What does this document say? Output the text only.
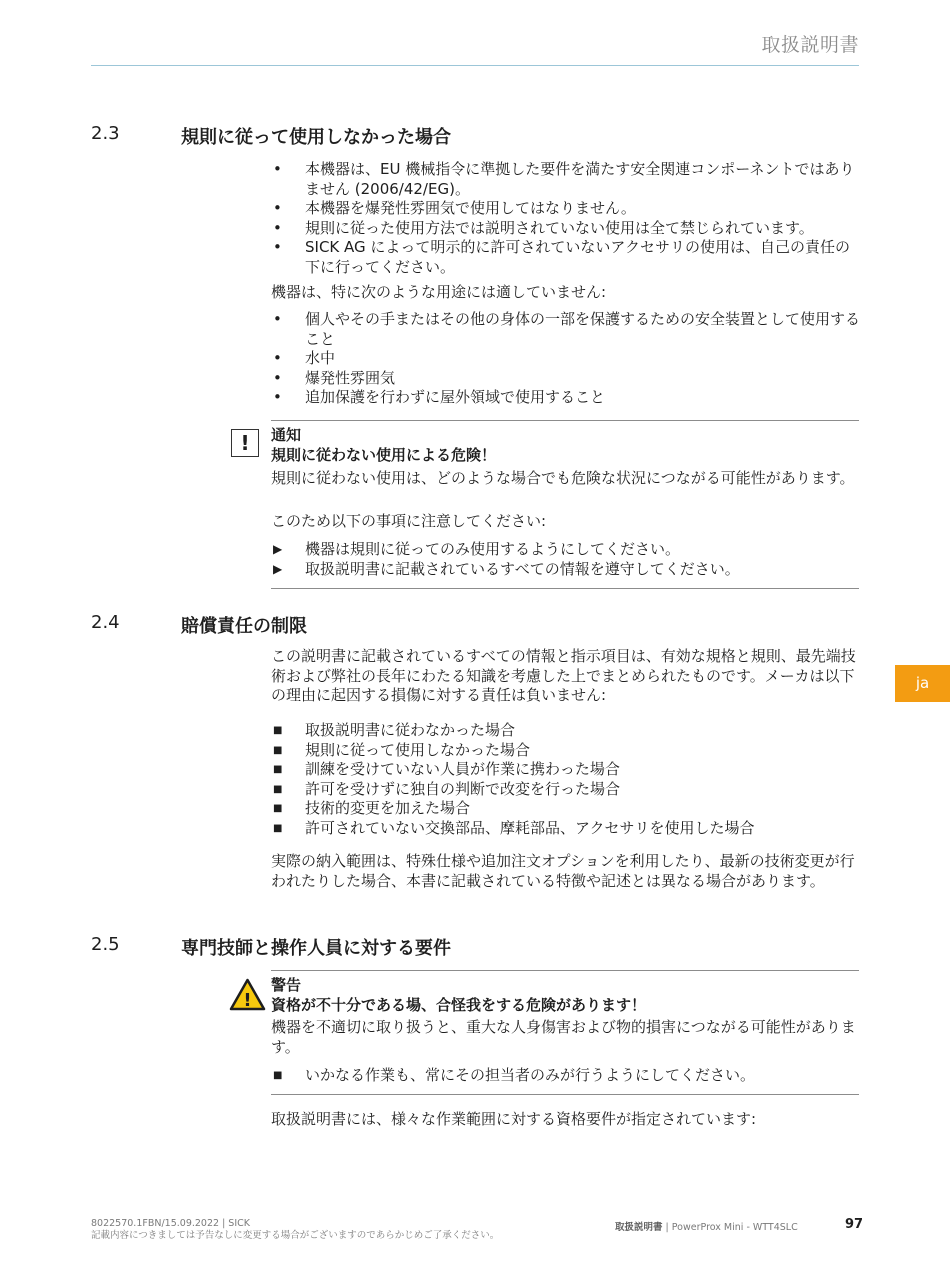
取扱説明書
2.3	規則に従って使用しなかった場合
• 本機器は、EU 機械指令に準拠した要件を満たす安全関連コンポーネントではありません (2006/42/EG)。
• 本機器を爆発性雰囲気で使用してはなりません。
• 規則に従った使用方法では説明されていない使用は全て禁じられています。
• SICK AG によって明示的に許可されていないアクセサリの使用は、自己の責任の下に行ってください。

機器は、特に次のような用途には適していません:

• 個人やその手またはその他の身体の一部を保護するための安全装置として使用すること
• 水中
• 爆発性雰囲気
• 追加保護を行わずに屋外領域で使用すること
!	通知
規則に従わない使用による危険！

規則に従わない使用は、どのような場合でも危険な状況につながる可能性があります。

このため以下の事項に注意してください:

▶ 機器は規則に従ってのみ使用するようにしてください。
▶ 取扱説明書に記載されているすべての情報を遵守してください。
2.4	賠償責任の制限

この説明書に記載されているすべての情報と指示項目は、有効な規格と規則、最先端技術および弊社の長年にわたる知識を考慮した上でまとめられたものです。メーカは以下の理由に起因する損傷に対する責任は負いません:

■ 取扱説明書に従わなかった場合
■ 規則に従って使用しなかった場合
■ 訓練を受けていない人員が作業に携わった場合
■ 許可を受けずに独自の判断で改変を行った場合
■ 技術的変更を加えた場合
■ 許可されていない交換部品、摩耗部品、アクセサリを使用した場合

実際の納入範囲は、特殊仕様や追加注文オプションを利用したり、最新の技術変更が行われたりした場合、本書に記載されている特徴や記述とは異なる場合があります。

2.5	専門技師と操作人員に対する要件
!
警告
資格が不十分である場、合怪我をする危険があります！

機器を不適切に取り扱うと、重大な人身傷害および物的損害につながる可能性があります。

■ いかなる作業も、常にその担当者のみが行うようにしてください。

取扱説明書には、様々な作業範囲に対する資格要件が指定されています:

ja
8022570.1FBN/15.09.2022 | SICK
記載内容につきましては予告なしに変更する場合がございますのであらかじめご了承ください。
取扱説明書 | PowerProx Mini - WTT4SLC	97
